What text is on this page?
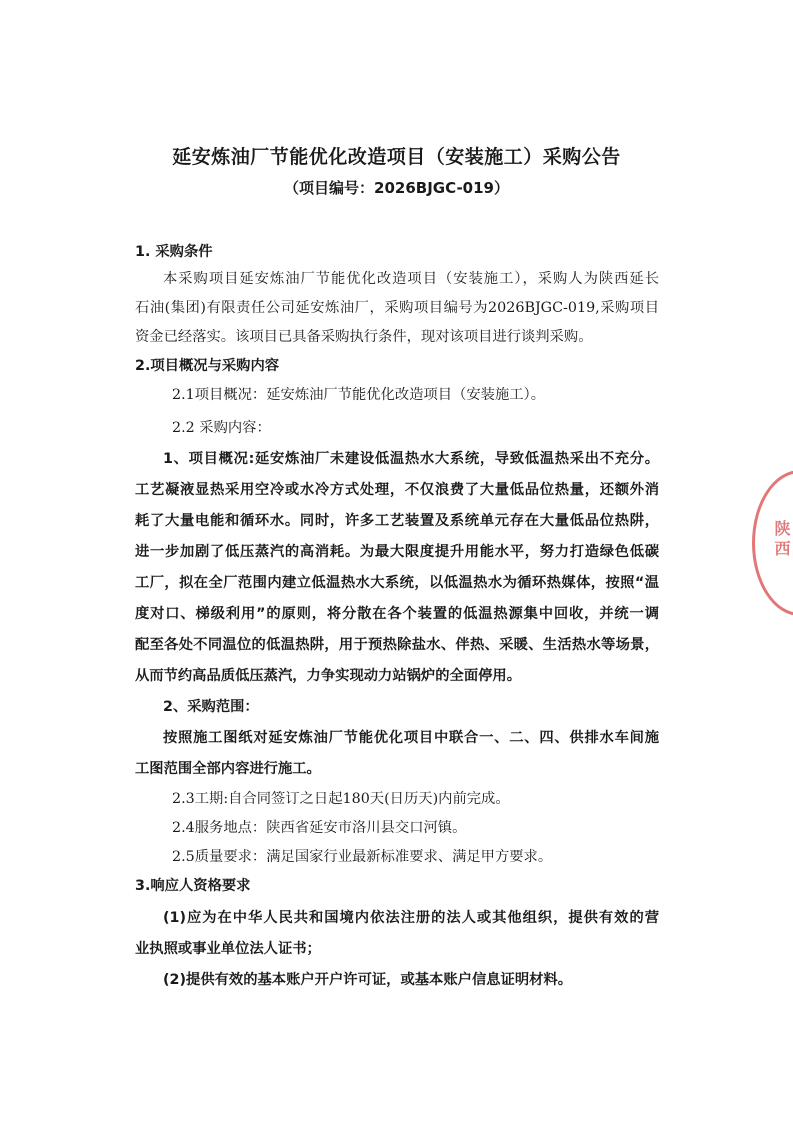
延安炼油厂节能优化改造项目（安装施工）采购公告
（项目编号：2026BJGC-019）
1. 采购条件
本采购项目延安炼油厂节能优化改造项目（安装施工），采购人为陕西延长
石油(集团)有限责任公司延安炼油厂，采购项目编号为2026BJGC-019,采购项目
资金已经落实。该项目已具备采购执行条件，现对该项目进行谈判采购。
2.项目概况与采购内容
2.1项目概况：延安炼油厂节能优化改造项目（安装施工）。
2.2 采购内容：
1、项目概况:延安炼油厂未建设低温热水大系统，导致低温热采出不充分。
工艺凝液显热采用空冷或水冷方式处理，不仅浪费了大量低品位热量，还额外消
耗了大量电能和循环水。同时，许多工艺装置及系统单元存在大量低品位热阱，
进一步加剧了低压蒸汽的高消耗。为最大限度提升用能水平，努力打造绿色低碳
工厂，拟在全厂范围内建立低温热水大系统，以低温热水为循环热媒体，按照“温
度对口、梯级利用”的原则，将分散在各个装置的低温热源集中回收，并统一调
配至各处不同温位的低温热阱，用于预热除盐水、伴热、采暖、生活热水等场景，
从而节约高品质低压蒸汽，力争实现动力站锅炉的全面停用。
2、采购范围：
按照施工图纸对延安炼油厂节能优化项目中联合一、二、四、供排水车间施
工图范围全部内容进行施工。
2.3工期:自合同签订之日起180天(日历天)内前完成。
2.4服务地点：陕西省延安市洛川县交口河镇。
2.5质量要求：满足国家行业最新标准要求、满足甲方要求。
3.响应人资格要求
(1)应为在中华人民共和国境内依法注册的法人或其他组织，提供有效的营
业执照或事业单位法人证书；
(2)提供有效的基本账户开户许可证，或基本账户信息证明材料。
陕西
